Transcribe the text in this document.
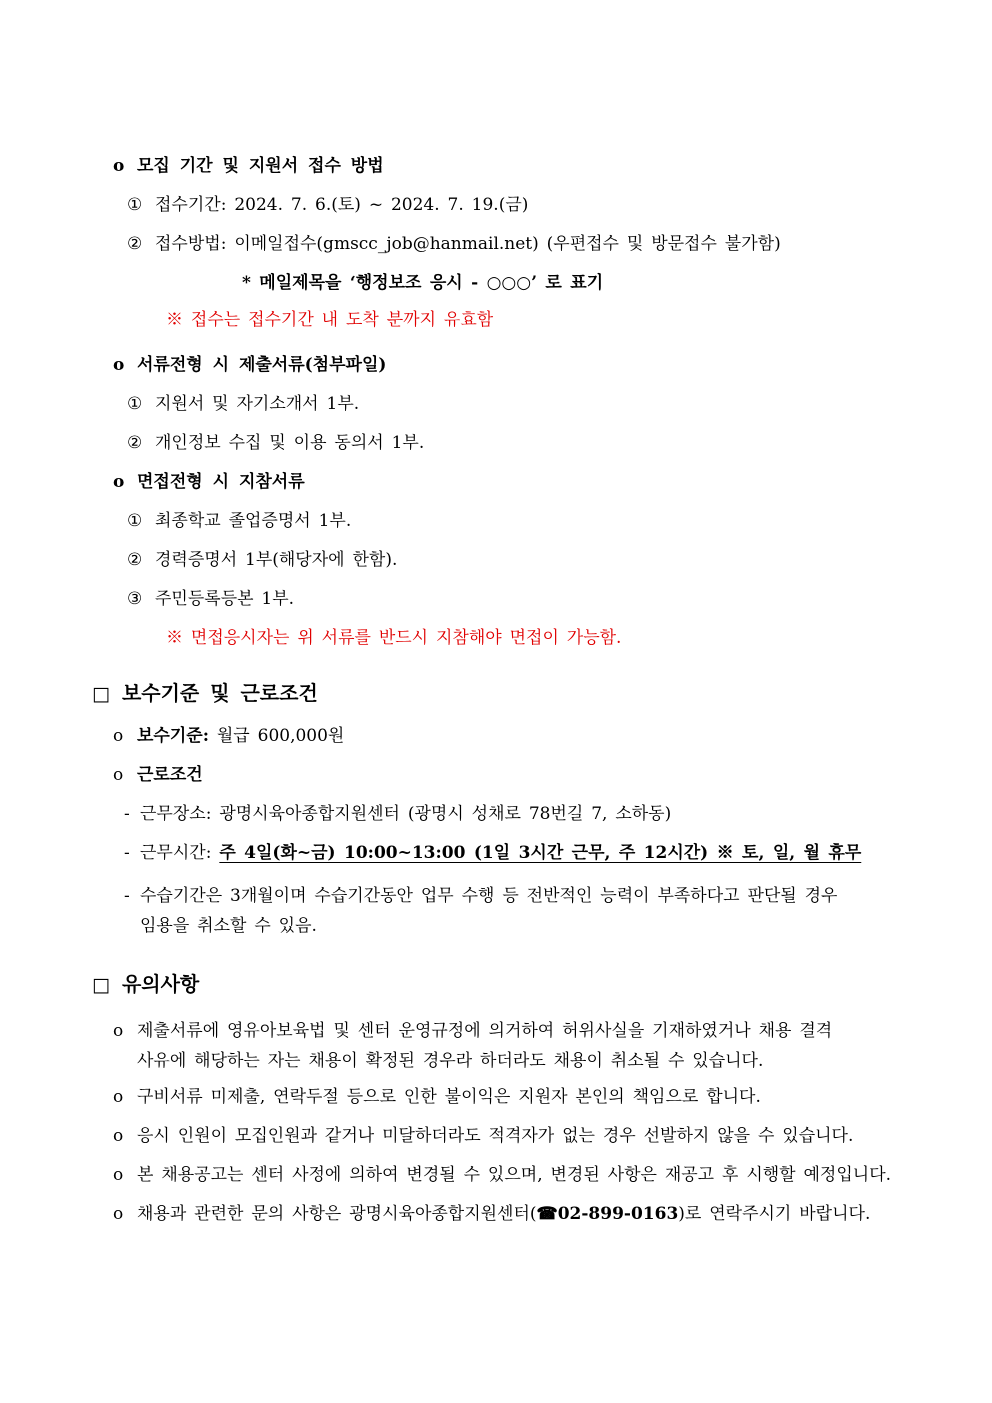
o 모집 기간 및 지원서 접수 방법
① 접수기간: 2024. 7. 6.(토) ~ 2024. 7. 19.(금)
② 접수방법: 이메일접수(gmscc_job@hanmail.net) (우편접수 및 방문접수 불가함)
* 메일제목을 ‘행정보조 응시 - ○○○’ 로 표기
※ 접수는 접수기간 내 도착 분까지 유효함
o 서류전형 시 제출서류(첨부파일)
① 지원서 및 자기소개서 1부.
② 개인정보 수집 및 이용 동의서 1부.
o 면접전형 시 지참서류
① 최종학교 졸업증명서 1부.
② 경력증명서 1부(해당자에 한함).
③ 주민등록등본 1부.
※ 면접응시자는 위 서류를 반드시 지참해야 면접이 가능함.
□ 보수기준 및 근로조건
o 보수기준: 월급 600,000원
o 근로조건
- 근무장소: 광명시육아종합지원센터 (광명시 성채로 78번길 7, 소하동)
- 근무시간: 주 4일(화~금) 10:00~13:00 (1일 3시간 근무, 주 12시간) ※ 토, 일, 월 휴무
- 수습기간은 3개월이며 수습기간동안 업무 수행 등 전반적인 능력이 부족하다고 판단될 경우
임용을 취소할 수 있음.
□ 유의사항
o 제출서류에 영유아보육법 및 센터 운영규정에 의거하여 허위사실을 기재하였거나 채용 결격
사유에 해당하는 자는 채용이 확정된 경우라 하더라도 채용이 취소될 수 있습니다.
o 구비서류 미제출, 연락두절 등으로 인한 불이익은 지원자 본인의 책임으로 합니다.
o 응시 인원이 모집인원과 같거나 미달하더라도 적격자가 없는 경우 선발하지 않을 수 있습니다.
o 본 채용공고는 센터 사정에 의하여 변경될 수 있으며, 변경된 사항은 재공고 후 시행할 예정입니다.
o 채용과 관련한 문의 사항은 광명시육아종합지원센터(☎02-899-0163)로 연락주시기 바랍니다.
